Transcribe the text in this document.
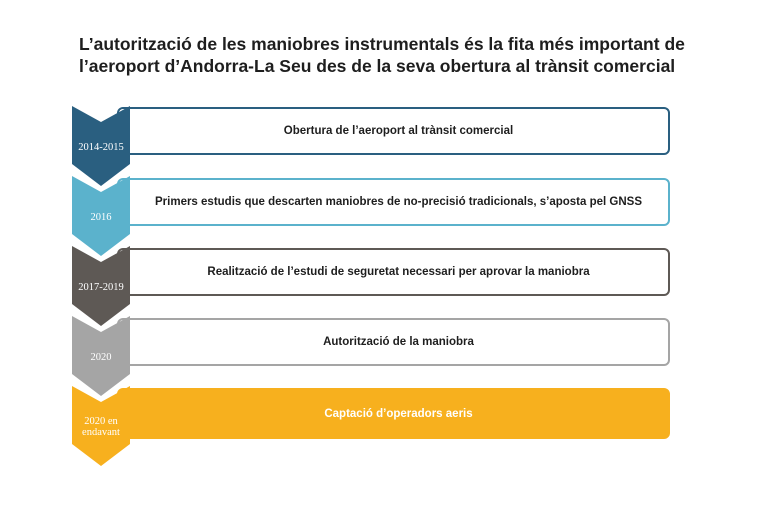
L’autorització de les maniobres instrumentals és la fita més important de
l’aeroport d’Andorra-La Seu des de la seva obertura al trànsit comercial
Obertura de l’aeroport al trànsit comercial
2014-2015
Primers estudis que descarten maniobres de no-precisió tradicionals, s’aposta pel GNSS
2016
Realització de l’estudi de seguretat necessari per aprovar la maniobra
2017-2019
Autorització de la maniobra
2020
Captació d’operadors aeris
2020 en
endavant
